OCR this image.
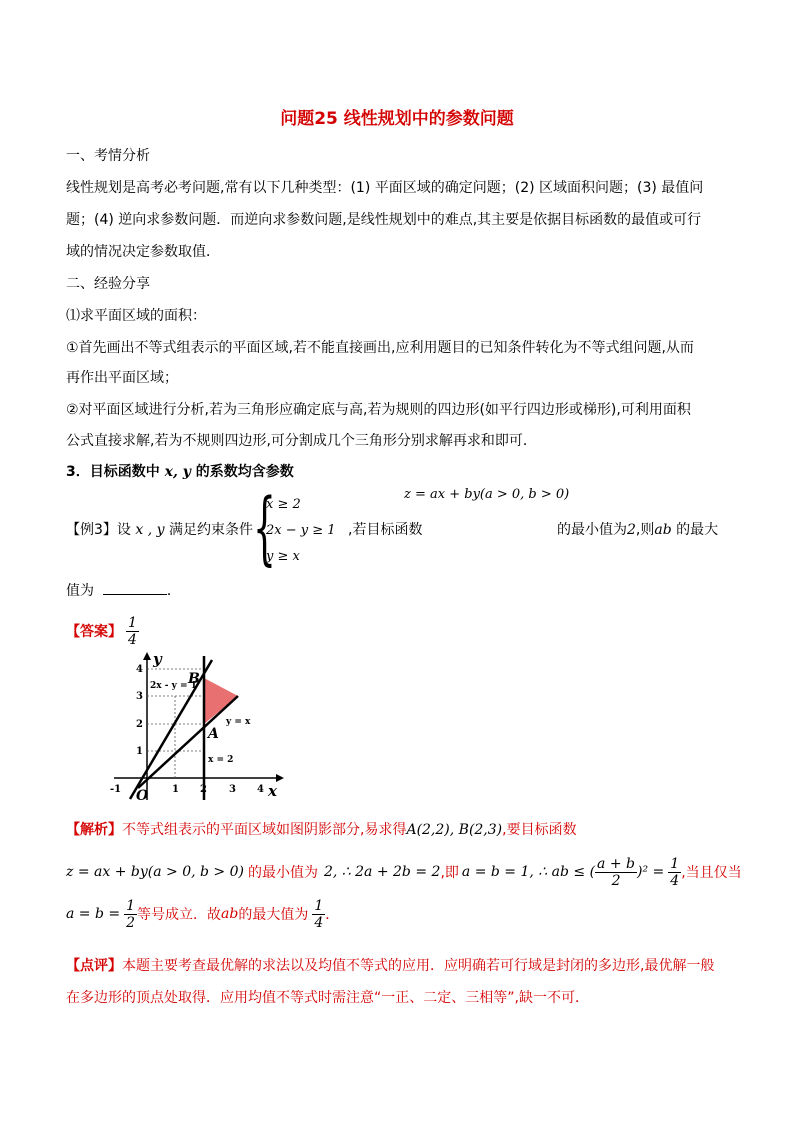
问题25 线性规划中的参数问题
一、考情分析
线性规划是高考必考问题,常有以下几种类型：(1) 平面区域的确定问题；(2) 区域面积问题；(3) 最值问
题；(4) 逆向求参数问题．而逆向求参数问题,是线性规划中的难点,其主要是依据目标函数的最值或可行
域的情况决定参数取值．
二、经验分享
⑴求平面区域的面积：
①首先画出不等式组表示的平面区域,若不能直接画出,应利用题目的已知条件转化为不等式组问题,从而
再作出平面区域；
②对平面区域进行分析,若为三角形应确定底与高,若为规则的四边形(如平行四边形或梯形),可利用面积
公式直接求解,若为不规则四边形,可分割成几个三角形分别求解再求和即可．
3．目标函数中 x, y 的系数均含参数
z = ax + by(a > 0, b > 0)
【例3】设 x , y 满足约束条件 {
x ≥ 2
2x − y ≥ 1
y ≥ x
,若目标函数	的最小值为2,则ab 的最大
值为	．
【答案】 $\frac{1}{4}$
-1 O 1 2 3 4
1
2
3
4
x
y
2x - y = 1
y = x
x = 2
A
B
【解析】不等式组表示的平面区域如图阴影部分,易求得A(2,2), B(2,3),要目标函数
z = ax + by(a > 0, b > 0) 的最小值为 2, ∴ 2a + 2b = 2 ,即 a = b = 1 , ∴ ab ≤ ( $\frac{a + b}{2} )^2 = \frac{1}{4}$ ,当且仅当
$a = b = \frac{1}{2}$ 等号成立．故 ab 的最大值为 $\frac{1}{4}$ ．
【点评】本题主要考查最优解的求法以及均值不等式的应用．应明确若可行域是封闭的多边形,最优解一般
在多边形的顶点处取得．应用均值不等式时需注意“一正、二定、三相等”,缺一不可．
